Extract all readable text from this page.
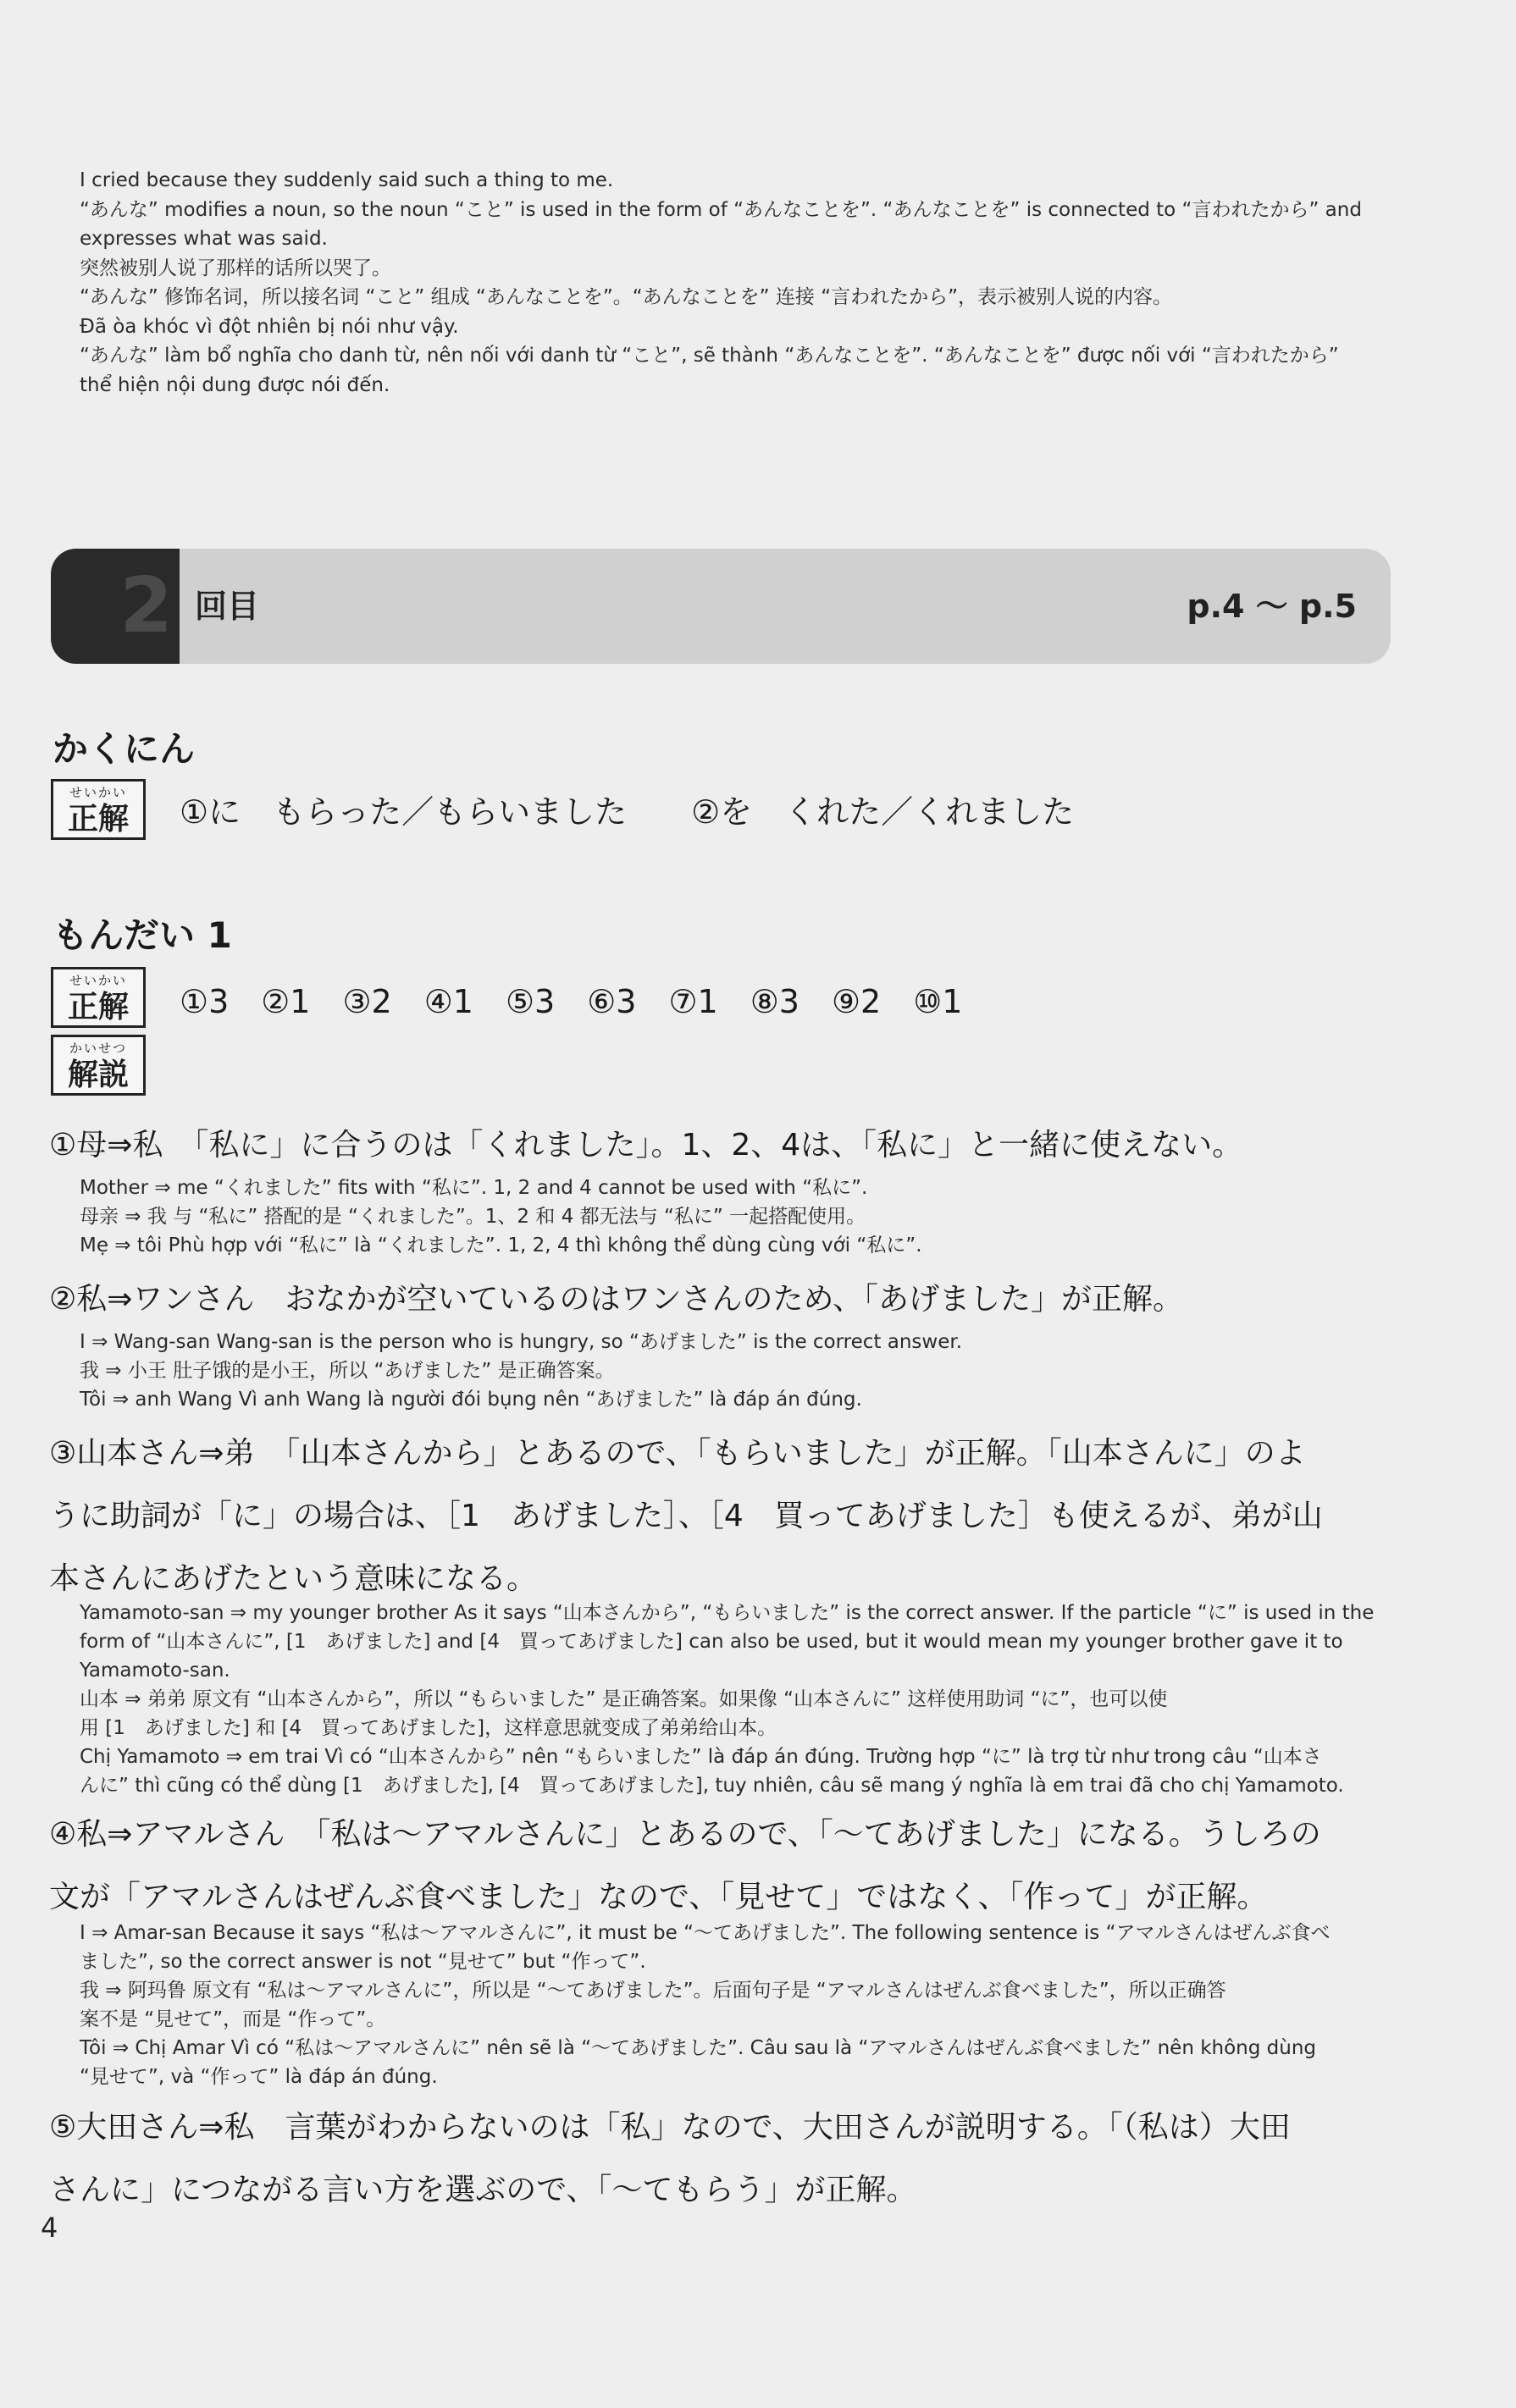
I cried because they suddenly said such a thing to me.

“あんな” modifies a noun, so the noun “こと” is used in the form of “あんなことを”. “あんなことを” is connected to “言われたから” and

expresses what was said.

突然被别人说了那样的话所以哭了。

“あんな” 修饰名词，所以接名词 “こと” 组成 “あんなことを”。“あんなことを” 连接 “言われたから”，表示被别人说的内容。

Đã òa khóc vì đột nhiên bị nói như vậy.

“あんな” làm bổ nghĩa cho danh từ, nên nối với danh từ “こと”, sẽ thành “あんなことを”. “あんなことを” được nối với “言われたから”

thể hiện nội dung được nói đến.

2 回目	p.4 ～ p.5
かくにん
せいかい
正解	①に　もらった／もらいました　　②を　くれた／くれました
もんだい 1
せいかい
正解	①3　②1　③2　④1　⑤3　⑥3　⑦1　⑧3　⑨2　⑩1
かいせつ
解説

①母⇒私　「私に」に合うのは「くれました」。1、2、4は、「私に」と一緒に使えない。

Mother ⇒ me “くれました” fits with “私に”. 1, 2 and 4 cannot be used with “私に”.

母亲 ⇒ 我 与 “私に” 搭配的是 “くれました”。1、2 和 4 都无法与 “私に” 一起搭配使用。

Mẹ ⇒ tôi Phù hợp với “私に” là “くれました”. 1, 2, 4 thì không thể dùng cùng với “私に”.

②私⇒ワンさん　おなかが空いているのはワンさんのため、「あげました」が正解。

I ⇒ Wang-san Wang-san is the person who is hungry, so “あげました” is the correct answer.

我 ⇒ 小王 肚子饿的是小王，所以 “あげました” 是正确答案。

Tôi ⇒ anh Wang Vì anh Wang là người đói bụng nên “あげました” là đáp án đúng.

③山本さん⇒弟　「山本さんから」とあるので、「もらいました」が正解。「山本さんに」のよ

うに助詞が「に」の場合は、［1　あげました］、［4　買ってあげました］も使えるが、弟が山

本さんにあげたという意味になる。

Yamamoto-san ⇒ my younger brother As it says “山本さんから”, “もらいました” is the correct answer. If the particle “に” is used in the

form of “山本さんに”, [1　あげました] and [4　買ってあげました] can also be used, but it would mean my younger brother gave it to

Yamamoto-san.

山本 ⇒ 弟弟 原文有 “山本さんから”，所以 “もらいました” 是正确答案。如果像 “山本さんに” 这样使用助词 “に”，也可以使

用 [1　あげました] 和 [4　買ってあげました]，这样意思就变成了弟弟给山本。

Chị Yamamoto ⇒ em trai Vì có “山本さんから” nên “もらいました” là đáp án đúng. Trường hợp “に” là trợ từ như trong câu “山本さ

んに” thì cũng có thể dùng [1　あげました], [4　買ってあげました], tuy nhiên, câu sẽ mang ý nghĩa là em trai đã cho chị Yamamoto.

④私⇒アマルさん　「私は～アマルさんに」とあるので、「～てあげました」になる。うしろの

文が「アマルさんはぜんぶ食べました」なので、「見せて」ではなく、「作って」が正解。

I ⇒ Amar-san Because it says “私は～アマルさんに”, it must be “～てあげました”. The following sentence is “アマルさんはぜんぶ食べ

ました”, so the correct answer is not “見せて” but “作って”.

我 ⇒ 阿玛鲁 原文有 “私は～アマルさんに”，所以是 “～てあげました”。后面句子是 “アマルさんはぜんぶ食べました”，所以正确答

案不是 “見せて”，而是 “作って”。

Tôi ⇒ Chị Amar Vì có “私は～アマルさんに” nên sẽ là “～てあげました”. Câu sau là “アマルさんはぜんぶ食べました” nên không dùng

“見せて”, và “作って” là đáp án đúng.

⑤大田さん⇒私　言葉がわからないのは「私」なので、大田さんが説明する。「（私は）大田

さんに」につながる言い方を選ぶので、「～てもらう」が正解。

4
